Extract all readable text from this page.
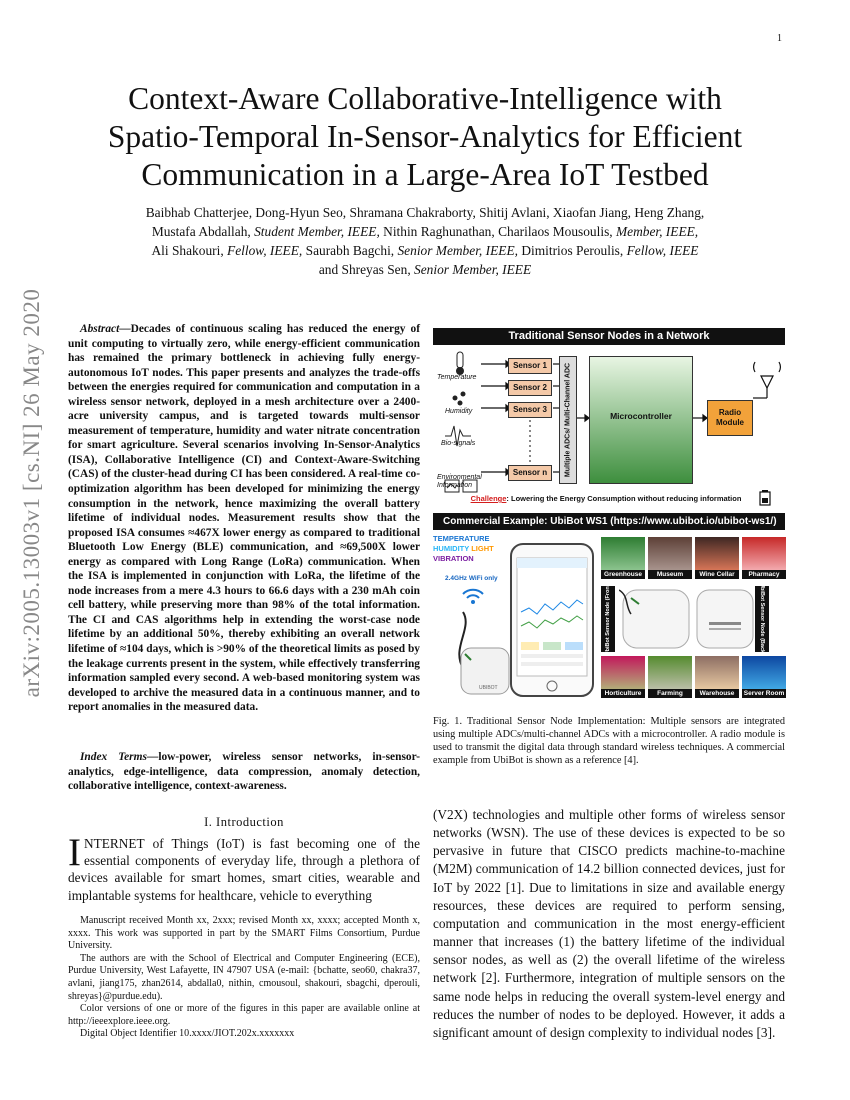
1
arXiv:2005.13003v1 [cs.NI] 26 May 2020
Context-Aware Collaborative-Intelligence with
Spatio-Temporal In-Sensor-Analytics for Efficient
Communication in a Large-Area IoT Testbed
Baibhab Chatterjee, Dong-Hyun Seo, Shramana Chakraborty, Shitij Avlani, Xiaofan Jiang, Heng Zhang,
Mustafa Abdallah, Student Member, IEEE, Nithin Raghunathan, Charilaos Mousoulis, Member, IEEE,
Ali Shakouri, Fellow, IEEE, Saurabh Bagchi, Senior Member, IEEE, Dimitrios Peroulis, Fellow, IEEE
and Shreyas Sen, Senior Member, IEEE
Abstract—Decades of continuous scaling has reduced the energy of unit computing to virtually zero, while energy-efficient communication has remained the primary bottleneck in achieving fully energy-autonomous IoT nodes. This paper presents and analyzes the trade-offs between the energies required for communication and computation in a wireless sensor network, deployed in a mesh architecture over a 2400-acre university campus, and is targeted towards multi-sensor measurement of temperature, humidity and water nitrate concentration for smart agriculture. Several scenarios involving In-Sensor-Analytics (ISA), Collaborative Intelligence (CI) and Context-Aware-Switching (CAS) of the cluster-head during CI has been considered. A real-time co-optimization algorithm has been developed for minimizing the energy consumption in the network, hence maximizing the overall battery lifetime of individual nodes. Measurement results show that the proposed ISA consumes ≈467X lower energy as compared to traditional Bluetooth Low Energy (BLE) communication, and ≈69,500X lower energy as compared with Long Range (LoRa) communication. When the ISA is implemented in conjunction with LoRa, the lifetime of the node increases from a mere 4.3 hours to 66.6 days with a 230 mAh coin cell battery, while preserving more than 98% of the total information. The CI and CAS algorithms help in extending the worst-case node lifetime by an additional 50%, thereby exhibiting an overall network lifetime of ≈104 days, which is >90% of the theoretical limits as posed by the leakage currents present in the system, while effectively transferring information sampled every second. A web-based monitoring system was developed to archive the measured data in a continuous manner, and to report anomalies in the measured data.
Index Terms—low-power, wireless sensor networks, in-sensor-analytics, edge-intelligence, data compression, anomaly detection, collaborative intelligence, context-awareness.
I. Introduction
INTERNET of Things (IoT) is fast becoming one of the essential components of everyday life, through a plethora of devices available for smart homes, smart cities, wearable and implantable systems for healthcare, vehicle to everything

Manuscript received Month xx, 2xxx; revised Month xx, xxxx; accepted Month x, xxxx. This work was supported in part by the SMART Films Consortium, Purdue University.

The authors are with the School of Electrical and Computer Engineering (ECE), Purdue University, West Lafayette, IN 47907 USA (e-mail: {bchatte, seo60, chakra37, avlani, jiang175, zhan2614, abdalla0, nithin, cmousoul, shakouri, sbagchi, dperouli, shreyas}@purdue.edu).

Color versions of one or more of the figures in this paper are available online at http://ieeexplore.ieee.org.

Digital Object Identifier 10.xxxx/JIOT.202x.xxxxxxx

Traditional Sensor Nodes in a Network
Temperature
Humidity
Bio-signals
Environmental Information
Sensor 1
Sensor 2
Sensor 3
Sensor n	Multiple ADCs/ Multi-Channel ADC	Microcontroller	Radio Module
Challenge: Lowering the Energy Consumption without reducing information
Commercial Example: UbiBot WS1 (https://www.ubibot.io/ubibot-ws1/)
TEMPERATURE
HUMIDITY LIGHT
VIBRATION
2.4GHz WiFi only
UBIBOT
Greenhouse	Museum	Wine Cellar	Pharmacy
UbiBot Sensor Node (Front)	UbiBot Sensor Node (Back)
Horticulture	Farming	Warehouse	Server Room
Fig. 1. Traditional Sensor Node Implementation: Multiple sensors are integrated using multiple ADCs/multi-channel ADCs with a microcontroller. A radio module is used to transmit the digital data through standard wireless techniques. A commercial example from UbiBot is shown as a reference [4].
(V2X) technologies and multiple other forms of wireless sensor networks (WSN). The use of these devices is expected to be so pervasive in future that CISCO predicts machine-to-machine (M2M) communication of 14.2 billion connected devices, just for IoT by 2022 [1]. Due to limitations in size and available energy resources, these devices are required to perform sensing, computation and communication in the most energy-efficient manner that increases (1) the battery lifetime of the individual sensor nodes, as well as (2) the overall lifetime of the wireless network [2]. Furthermore, integration of multiple sensors on the same node helps in reducing the overall system-level energy and reduces the number of nodes to be deployed. However, it adds a significant amount of design complexity to individual nodes [3].
